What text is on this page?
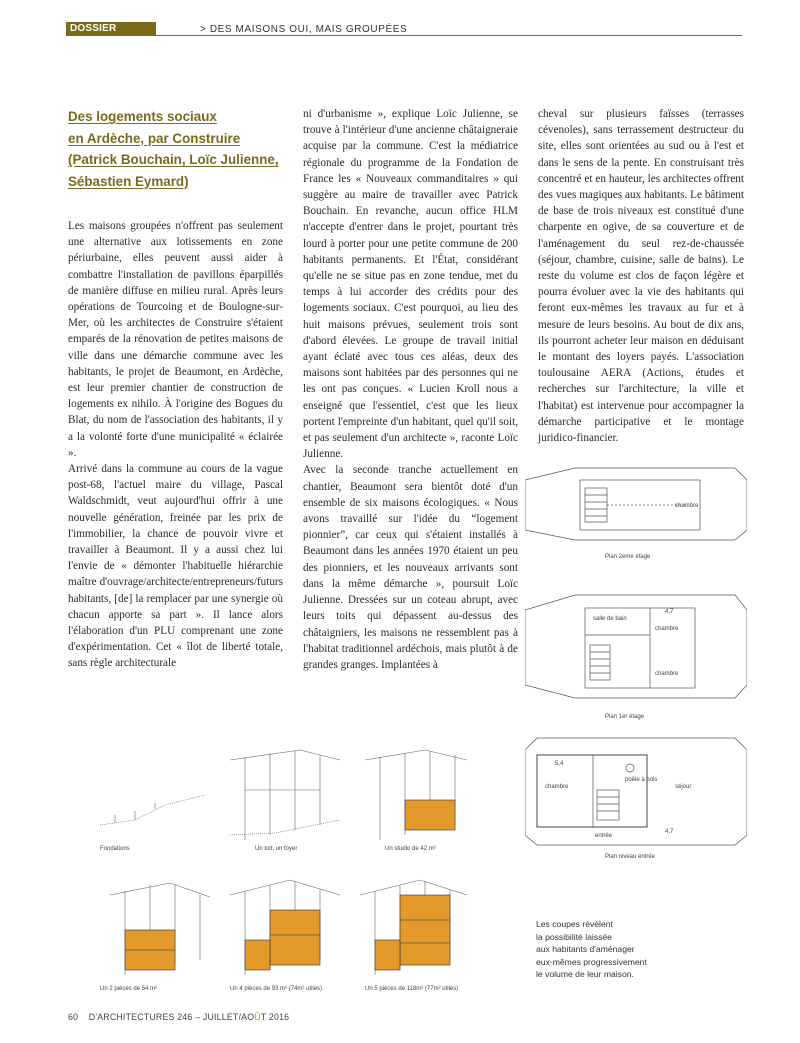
DOSSIER	> DES MAISONS OUI, MAIS GROUPÉES
Des logements sociaux
en Ardèche, par Construire
(Patrick Bouchain, Loïc Julienne,
Sébastien Eymard)

Les maisons groupées n'offrent pas seulement une alternative aux lotissements en zone périurbaine, elles peuvent aussi aider à combattre l'installation de pavillons éparpillés de manière diffuse en milieu rural. Après leurs opérations de Tourcoing et de Boulogne-sur-Mer, où les architectes de Construire s'étaient emparés de la rénovation de petites maisons de ville dans une démarche commune avec les habitants, le projet de Beaumont, en Ardèche, est leur premier chantier de construction de logements ex nihilo. À l'origine des Bogues du Blat, du nom de l'association des habitants, il y a la volonté forte d'une municipalité « éclairée ».

Arrivé dans la commune au cours de la vague post-68, l'actuel maire du village, Pascal Waldschmidt, veut aujourd'hui offrir à une nouvelle génération, freinée par les prix de l'immobilier, la chance de pouvoir vivre et travailler à Beaumont. Il y a aussi chez lui l'envie de « démonter l'habituelle hiérarchie maître d'ouvrage/architecte/entrepreneurs/futurs habitants, [de] la remplacer par une synergie où chacun apporte sa part ». Il lance alors l'élaboration d'un PLU comprenant une zone d'expérimentation. Cet « îlot de liberté totale, sans règle architecturale

ni d'urbanisme », explique Loïc Julienne, se trouve à l'intérieur d'une ancienne châtaigneraie acquise par la commune. C'est la médiatrice régionale du programme de la Fondation de France les « Nouveaux commanditaires » qui suggère au maire de travailler avec Patrick Bouchain. En revanche, aucun office HLM n'accepte d'entrer dans le projet, pourtant très lourd à porter pour une petite commune de 200 habitants permanents. Et l'État, considérant qu'elle ne se situe pas en zone tendue, met du temps à lui accorder des crédits pour des logements sociaux. C'est pourquoi, au lieu des huit maisons prévues, seulement trois sont d'abord élevées. Le groupe de travail initial ayant éclaté avec tous ces aléas, deux des maisons sont habitées par des personnes qui ne les ont pas conçues. « Lucien Kroll nous a enseigné que l'essentiel, c'est que les lieux portent l'empreinte d'un habitant, quel qu'il soit, et pas seulement d'un architecte », raconte Loïc Julienne.

Avec la seconde tranche actuellement en chantier, Beaumont sera bientôt doté d'un ensemble de six maisons écologiques. « Nous avons travaillé sur l'idée du “logement pionnier”, car ceux qui s'étaient installés à Beaumont dans les années 1970 étaient un peu des pionniers, et les nouveaux arrivants sont dans la même démarche », poursuit Loïc Julienne. Dressées sur un coteau abrupt, avec leurs toits qui dépassent au-dessus des châtaigniers, les maisons ne ressemblent pas à l'habitat traditionnel ardéchois, mais plutôt à de grandes granges. Implantées à

cheval sur plusieurs faïsses (terrasses cévenoles), sans terrassement destructeur du site, elles sont orientées au sud ou à l'est et dans le sens de la pente. En construisant très concentré et en hauteur, les architectes offrent des vues magiques aux habitants. Le bâtiment de base de trois niveaux est constitué d'une charpente en ogive, de sa couverture et de l'aménagement du seul rez-de-chaussée (séjour, chambre, cuisine, salle de bains). Le reste du volume est clos de façon légère et pourra évoluer avec la vie des habitants qui feront eux-mêmes les travaux au fur et à mesure de leurs besoins. Au bout de dix ans, ils pourront acheter leur maison en déduisant le montant des loyers payés. L'association toulousaine AERA (Actions, études et recherches sur l'architecture, la ville et l'habitat) est intervenue pour accompagner la démarche participative et le montage juridico-financier.

chambre
Plan 2eme étage
salle de bain
chambre
chambre
4,7
Plan 1er étage
chambre
poêle à bois
séjour
entrée
5,4
4,7
Plan niveau entrée
Fondations	Un toit, un foyer	Un studio de 42 m²
Un 2 pièces de 54 m²	Un 4 pièces de 93 m² (74m² utiles)	Un 5 pièces de 118m² (77m² utiles)
Les coupes révèlent
la possibilité laissée
aux habitants d'aménager
eux-mêmes progressivement
le volume de leur maison.
60 D'ARCHITECTURES 246 – JUILLET/AOÛT 2016
